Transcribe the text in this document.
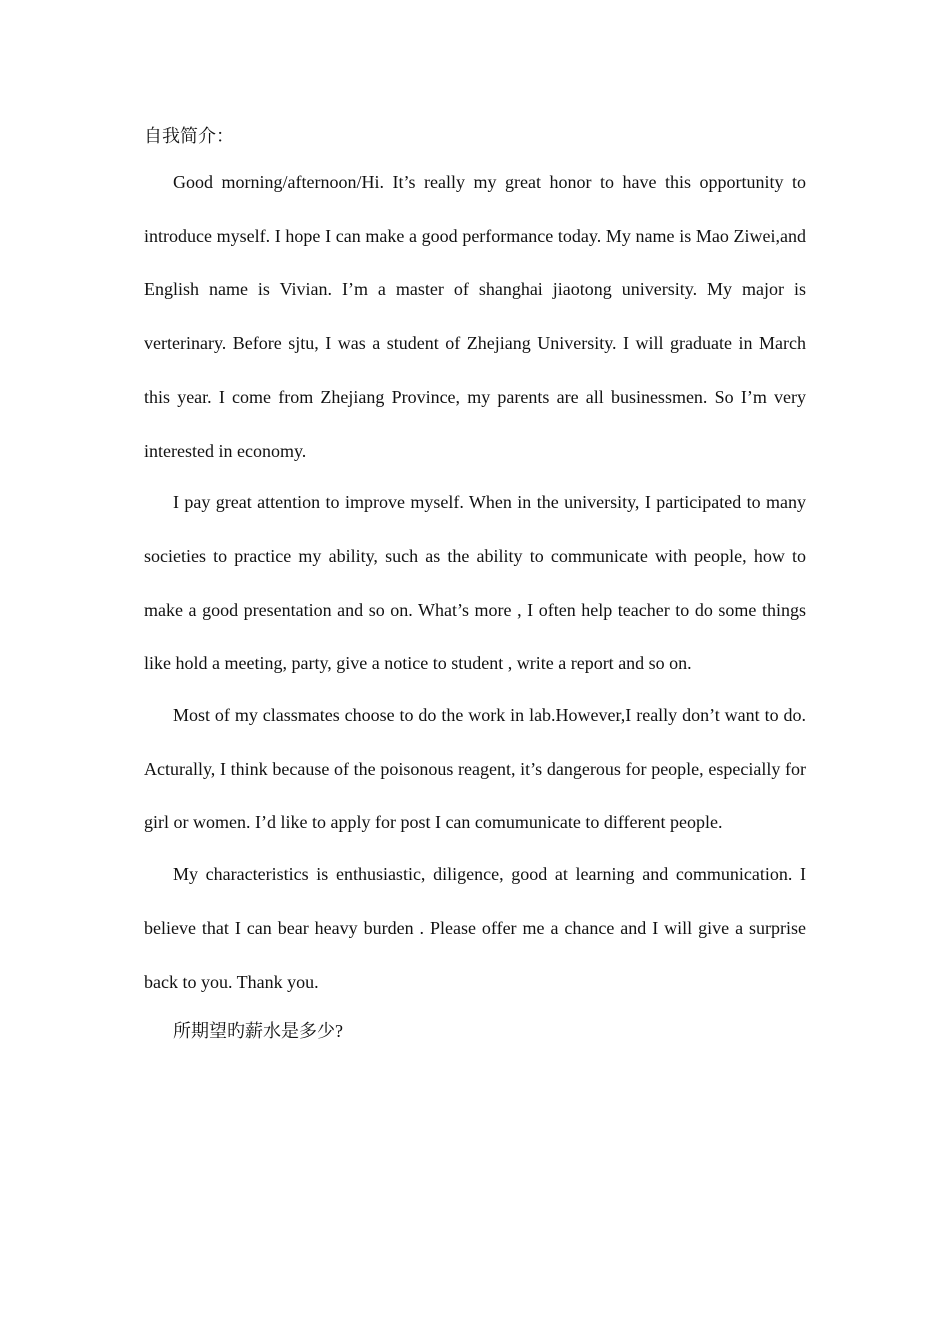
自我简介：

Good morning/afternoon/Hi. It’s really my great honor to have this opportunity to introduce myself. I hope I can make a good performance today. My name is Mao Ziwei,and English name is Vivian. I’m a master of shanghai jiaotong university. My major is verterinary. Before sjtu, I was a student of Zhejiang University. I will graduate in March this year. I come from Zhejiang Province, my parents are all businessmen. So I’m very interested in economy.

I pay great attention to improve myself. When in the university, I participated to many societies to practice my ability, such as the ability to communicate with people, how to make a good presentation and so on. What’s more , I often help teacher to do some things like hold a meeting, party, give a notice to student , write a report and so on.

Most of my classmates choose to do the work in lab.However,I really don’t want to do. Acturally, I think because of the poisonous reagent, it’s dangerous for people, especially for girl or women. I’d like to apply for post I can comumunicate to different people.

My characteristics is enthusiastic, diligence, good at learning and communication. I believe that I can bear heavy burden . Please offer me a chance and I will give a surprise back to you. Thank you.

所期望旳薪水是多少?
